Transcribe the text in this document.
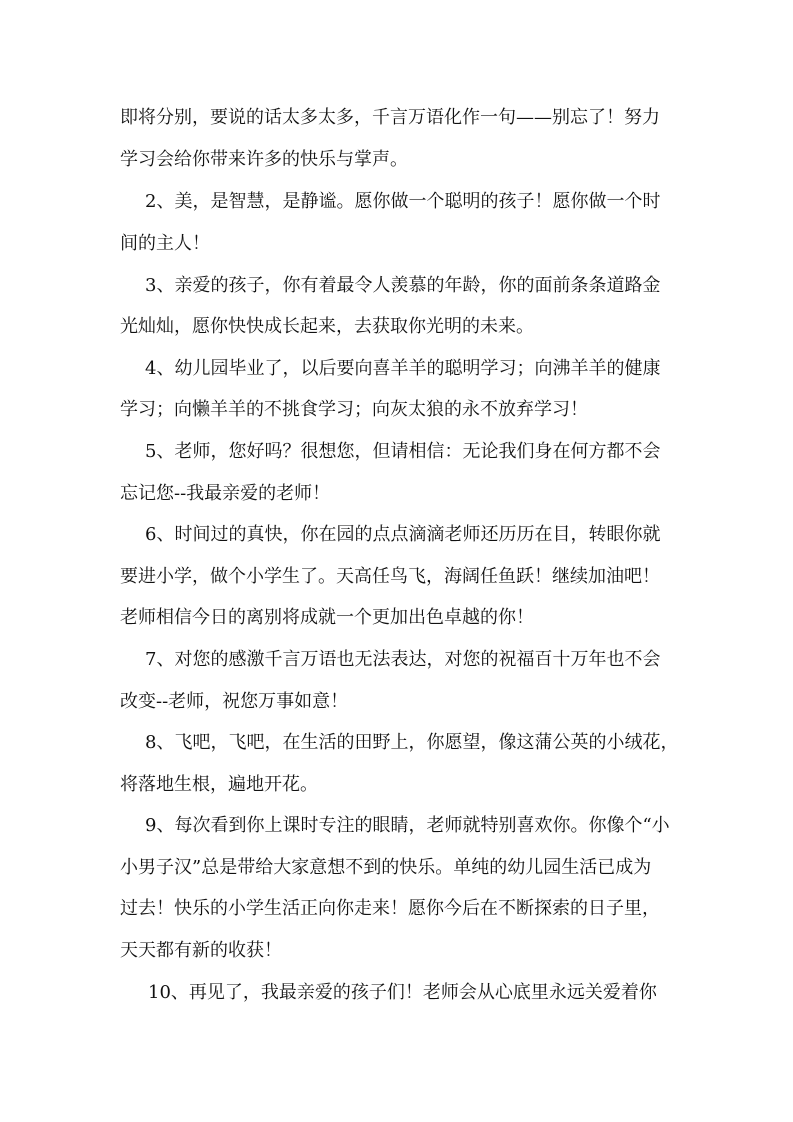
即将分别，要说的话太多太多，千言万语化作一句——别忘了！努力
学习会给你带来许多的快乐与掌声。
2、美，是智慧，是静谧。愿你做一个聪明的孩子！愿你做一个时
间的主人！
3、亲爱的孩子，你有着最令人羡慕的年龄，你的面前条条道路金
光灿灿，愿你快快成长起来，去获取你光明的未来。
4、幼儿园毕业了，以后要向喜羊羊的聪明学习；向沸羊羊的健康
学习；向懒羊羊的不挑食学习；向灰太狼的永不放弃学习！
5、老师，您好吗？很想您，但请相信：无论我们身在何方都不会
忘记您--我最亲爱的老师！
6、时间过的真快，你在园的点点滴滴老师还历历在目，转眼你就
要进小学，做个小学生了。天高任鸟飞，海阔任鱼跃！继续加油吧！
老师相信今日的离别将成就一个更加出色卓越的你！
7、对您的感激千言万语也无法表达，对您的祝福百十万年也不会
改变--老师，祝您万事如意！
8、飞吧，飞吧，在生活的田野上，你愿望，像这蒲公英的小绒花，
将落地生根，遍地开花。
9、每次看到你上课时专注的眼睛，老师就特别喜欢你。你像个“小
小男子汉”总是带给大家意想不到的快乐。单纯的幼儿园生活已成为
过去！快乐的小学生活正向你走来！愿你今后在不断探索的日子里，
天天都有新的收获！
10、再见了，我最亲爱的孩子们！老师会从心底里永远关爱着你
